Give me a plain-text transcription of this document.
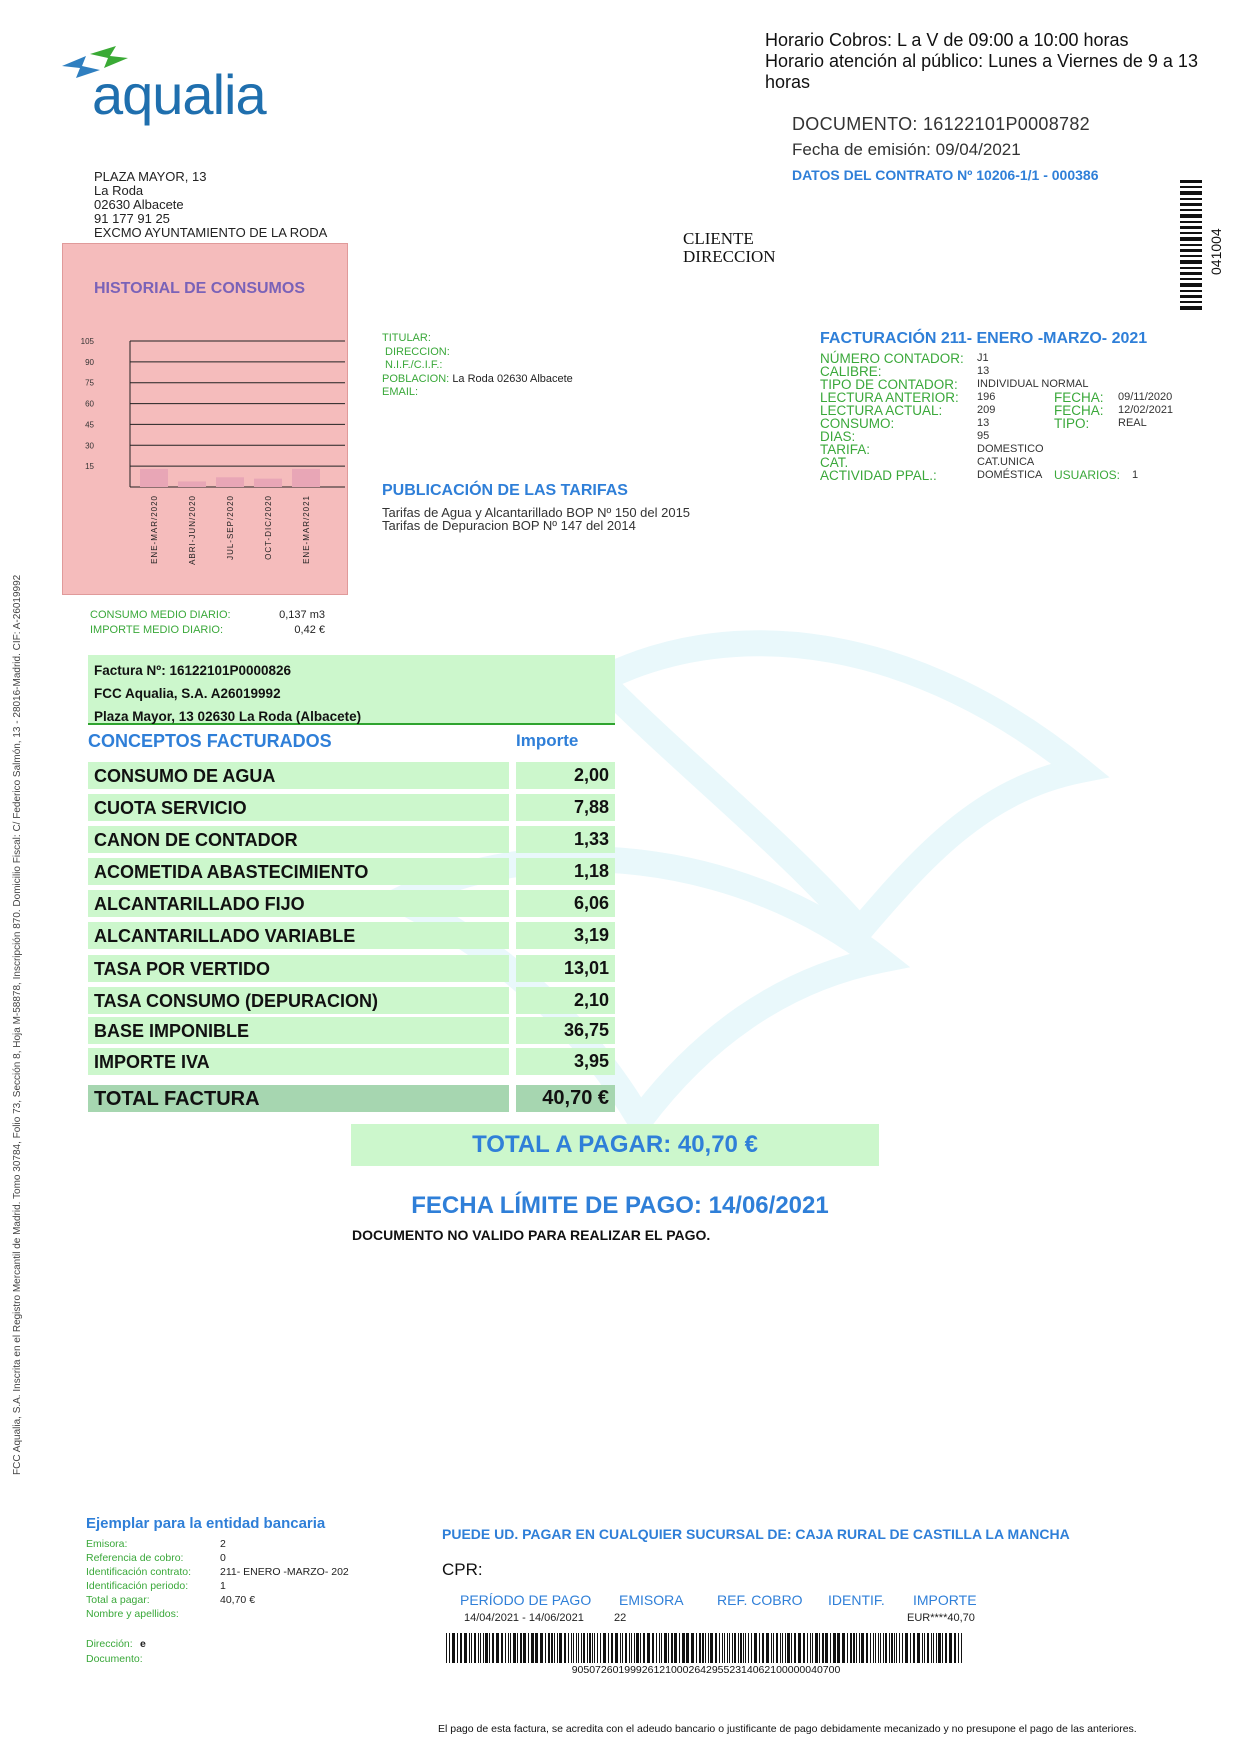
aqualia
Horario Cobros: L a V de 09:00 a 10:00 horas
Horario atención al público: Lunes a Viernes de 9 a 13
horas
DOCUMENTO: 16122101P0008782
Fecha de emisión: 09/04/2021
DATOS DEL CONTRATO Nº 10206-1/1 - 000386
041004
PLAZA MAYOR, 13
La Roda
02630 Albacete
91 177 91 25
EXCMO AYUNTAMIENTO DE LA RODA	CLIENTE
DIRECCION
HISTORIAL DE CONSUMOS
15
30
45
60
75
90
105
ENE-MAR/2020	ABRI-JUN/2020	JUL-SEP/2020	OCT-DIC/2020	ENE-MAR/2021
CONSUMO MEDIO DIARIO:
IMPORTE MEDIO DIARIO:
0,137 m3
0,42 €
TITULAR:
DIRECCION:
N.I.F./C.I.F.:
POBLACION: La Roda 02630 Albacete
EMAIL:
FACTURACIÓN 211- ENERO -MARZO- 2021
NÚMERO CONTADOR: J1
CALIBRE:	13
TIPO DE CONTADOR: INDIVIDUAL NORMAL
LECTURA ANTERIOR: 196	FECHA: 09/11/2020
LECTURA ACTUAL:	209	FECHA: 12/02/2021
CONSUMO:	13	TIPO:	REAL
DIAS:	95
TARIFA:	DOMESTICO
CAT.	CAT.UNICA
ACTIVIDAD PPAL.:	DOMÉSTICA USUARIOS: 1
PUBLICACIÓN DE LAS TARIFAS
Tarifas de Agua y Alcantarillado BOP Nº 150 del 2015
Tarifas de Depuracion BOP Nº 147 del 2014
Factura Nº: 16122101P0000826
FCC Aqualia, S.A. A26019992
Plaza Mayor, 13 02630 La Roda (Albacete)
CONCEPTOS FACTURADOS	Importe
CONSUMO DE AGUA	2,00
CUOTA SERVICIO	7,88
CANON DE CONTADOR	1,33
ACOMETIDA ABASTECIMIENTO	1,18
ALCANTARILLADO FIJO	6,06
ALCANTARILLADO VARIABLE	3,19
TASA POR VERTIDO	13,01
TASA CONSUMO (DEPURACION)	2,10
BASE IMPONIBLE	36,75
IMPORTE IVA	3,95
TOTAL FACTURA	40,70 €
TOTAL A PAGAR: 40,70 €
FECHA LÍMITE DE PAGO: 14/06/2021
DOCUMENTO NO VALIDO PARA REALIZAR EL PAGO.
FCC Aqualia, S.A. Inscrita en el Registro Mercantil de Madrid. Tomo 30784, Folio 73, Sección 8, Hoja M-58878, Inscripción 870. Domicilio Fiscal: C/ Federico Salmón, 13 - 28016-Madrid. CIF: A-26019992
Ejemplar para la entidad bancaria
Emisora:	2
Referencia de cobro:	0
Identificación contrato:	211- ENERO -MARZO- 202
Identificación periodo:	1
Total a pagar:	40,70 €
Nombre y apellidos:
Dirección: e
Documento:
PUEDE UD. PAGAR EN CUALQUIER SUCURSAL DE: CAJA RURAL DE CASTILLA LA MANCHA
CPR:
PERÍODO DE PAGO EMISORA REF. COBRO IDENTIF. IMPORTE
14/04/2021 - 14/06/2021	22	EUR****40,70
9050726019992612100026429552314062100000040700
El pago de esta factura, se acredita con el adeudo bancario o justificante de pago debidamente mecanizado y no presupone el pago de las anteriores.
